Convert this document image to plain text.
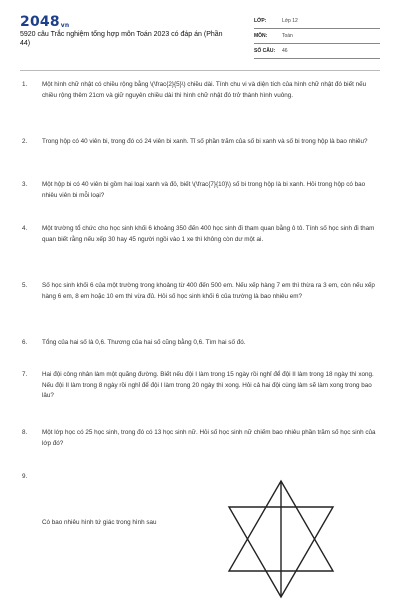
2048vn
5920 câu Trắc nghiệm tổng hợp môn Toán 2023 có đáp án (Phần 44)
LỚP:	Lớp 12
MÔN:	Toán
SỐ CÂU:	46
1.	Một hình chữ nhật có chiều rộng bằng \(\frac{2}{5}\) chiều dài. Tính chu vi và diện tích của hình chữ nhật đó biết nếu chiều rộng thêm 21cm và giữ nguyên chiều dài thì hình chữ nhật đó trở thành hình vuông.
2.	Trong hộp có 40 viên bi, trong đó có 24 viên bi xanh. Tỉ số phần trăm của số bi xanh và số bi trong hộp là bao nhiêu?
3.	Một hộp bi có 40 viên bi gồm hai loại xanh và đỏ, biết \(\frac{7}{10}\) số bi trong hộp là bi xanh. Hỏi trong hộp có bao nhiêu viên bi mỗi loại?
4.	Một trường tổ chức cho học sinh khối 6 khoảng 350 đến 400 học sinh đi tham quan bằng ô tô. Tính số học sinh đi tham quan biết rằng nếu xếp 30 hay 45 người ngồi vào 1 xe thì không còn dư một ai.
5.	Số học sinh khối 6 của một trường trong khoảng từ 400 đến 500 em. Nếu xếp hàng 7 em thì thừa ra 3 em, còn nếu xếp hàng 6 em, 8 em hoặc 10 em thì vừa đủ. Hỏi số học sinh khối 6 của trường là bao nhiêu em?
6.	Tổng của hai số là 0,6. Thương của hai số cũng bằng 0,6. Tìm hai số đó.
7.	Hai đội công nhân làm một quãng đường. Biết nếu đội I làm trong 15 ngày rồi nghỉ để đội II làm trong 18 ngày thì xong. Nếu đội II làm trong 8 ngày rồi nghỉ để đội I làm trong 20 ngày thì xong. Hỏi cả hai đội cùng làm sẽ làm xong trong bao lâu?
8.	Một lớp học có 25 học sinh, trong đó có 13 học sinh nữ. Hỏi số học sinh nữ chiếm bao nhiêu phần trăm số học sinh của lớp đó?
9.
Có bao nhiêu hình tứ giác trong hình sau
